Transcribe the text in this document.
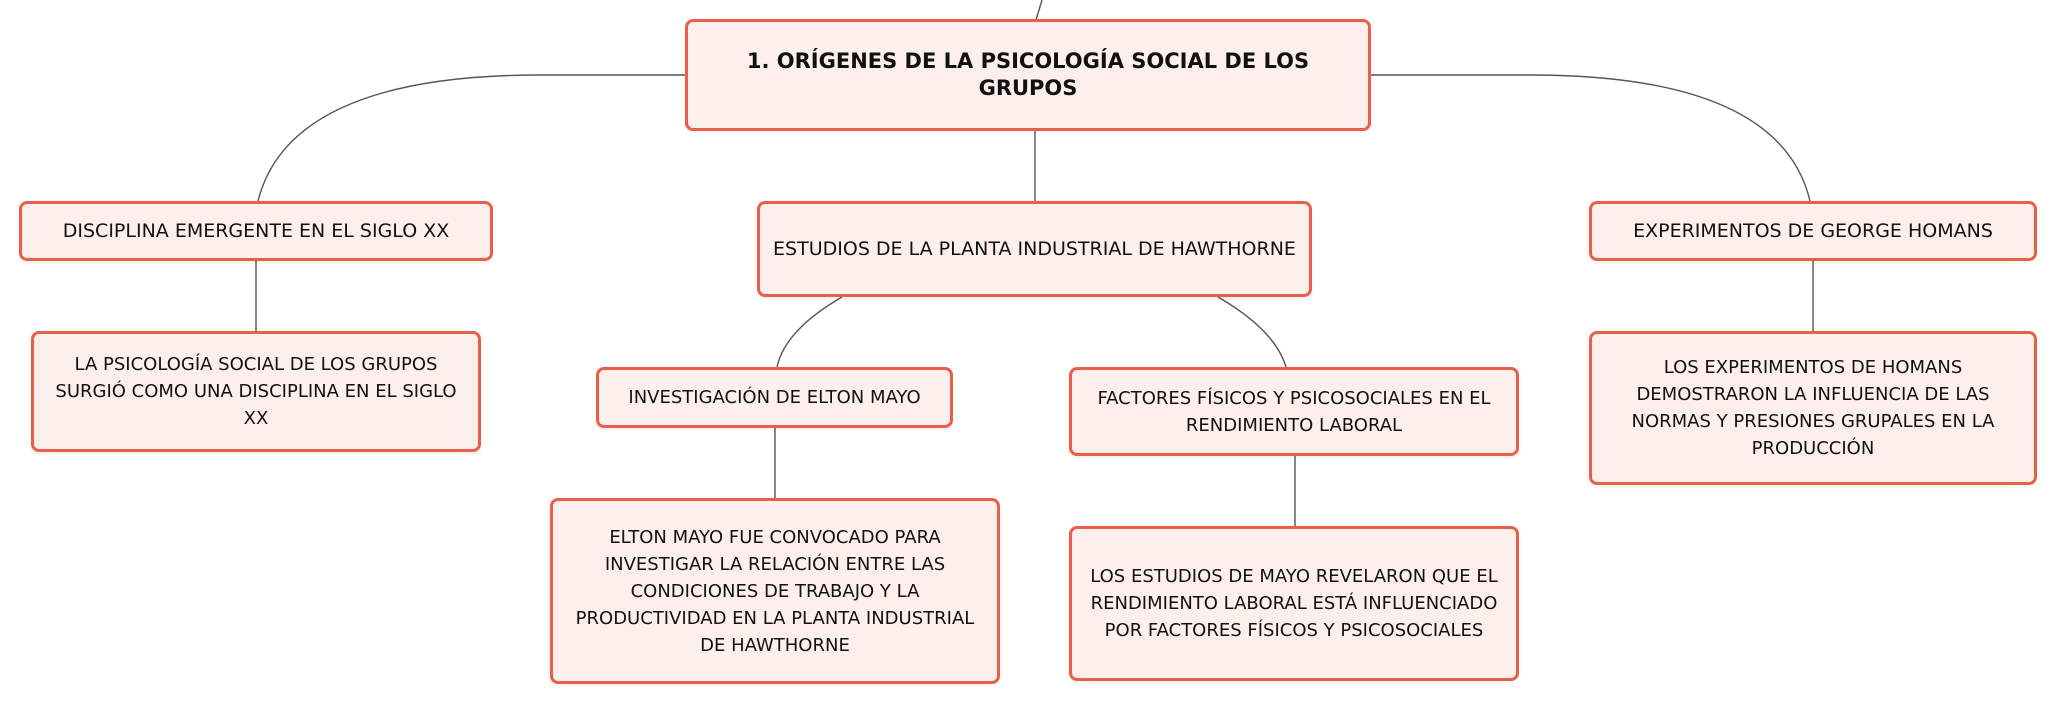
1. ORÍGENES DE LA PSICOLOGÍA SOCIAL DE LOS GRUPOS
DISCIPLINA EMERGENTE EN EL SIGLO XX
LA PSICOLOGÍA SOCIAL DE LOS GRUPOS SURGIÓ COMO UNA DISCIPLINA EN EL SIGLO XX
ESTUDIOS DE LA PLANTA INDUSTRIAL DE HAWTHORNE
INVESTIGACIÓN DE ELTON MAYO
ELTON MAYO FUE CONVOCADO PARA INVESTIGAR LA RELACIÓN ENTRE LAS CONDICIONES DE TRABAJO Y LA PRODUCTIVIDAD EN LA PLANTA INDUSTRIAL DE HAWTHORNE
FACTORES FÍSICOS Y PSICOSOCIALES EN EL RENDIMIENTO LABORAL
LOS ESTUDIOS DE MAYO REVELARON QUE EL RENDIMIENTO LABORAL ESTÁ INFLUENCIADO POR FACTORES FÍSICOS Y PSICOSOCIALES
EXPERIMENTOS DE GEORGE HOMANS
LOS EXPERIMENTOS DE HOMANS DEMOSTRARON LA INFLUENCIA DE LAS NORMAS Y PRESIONES GRUPALES EN LA PRODUCCIÓN
